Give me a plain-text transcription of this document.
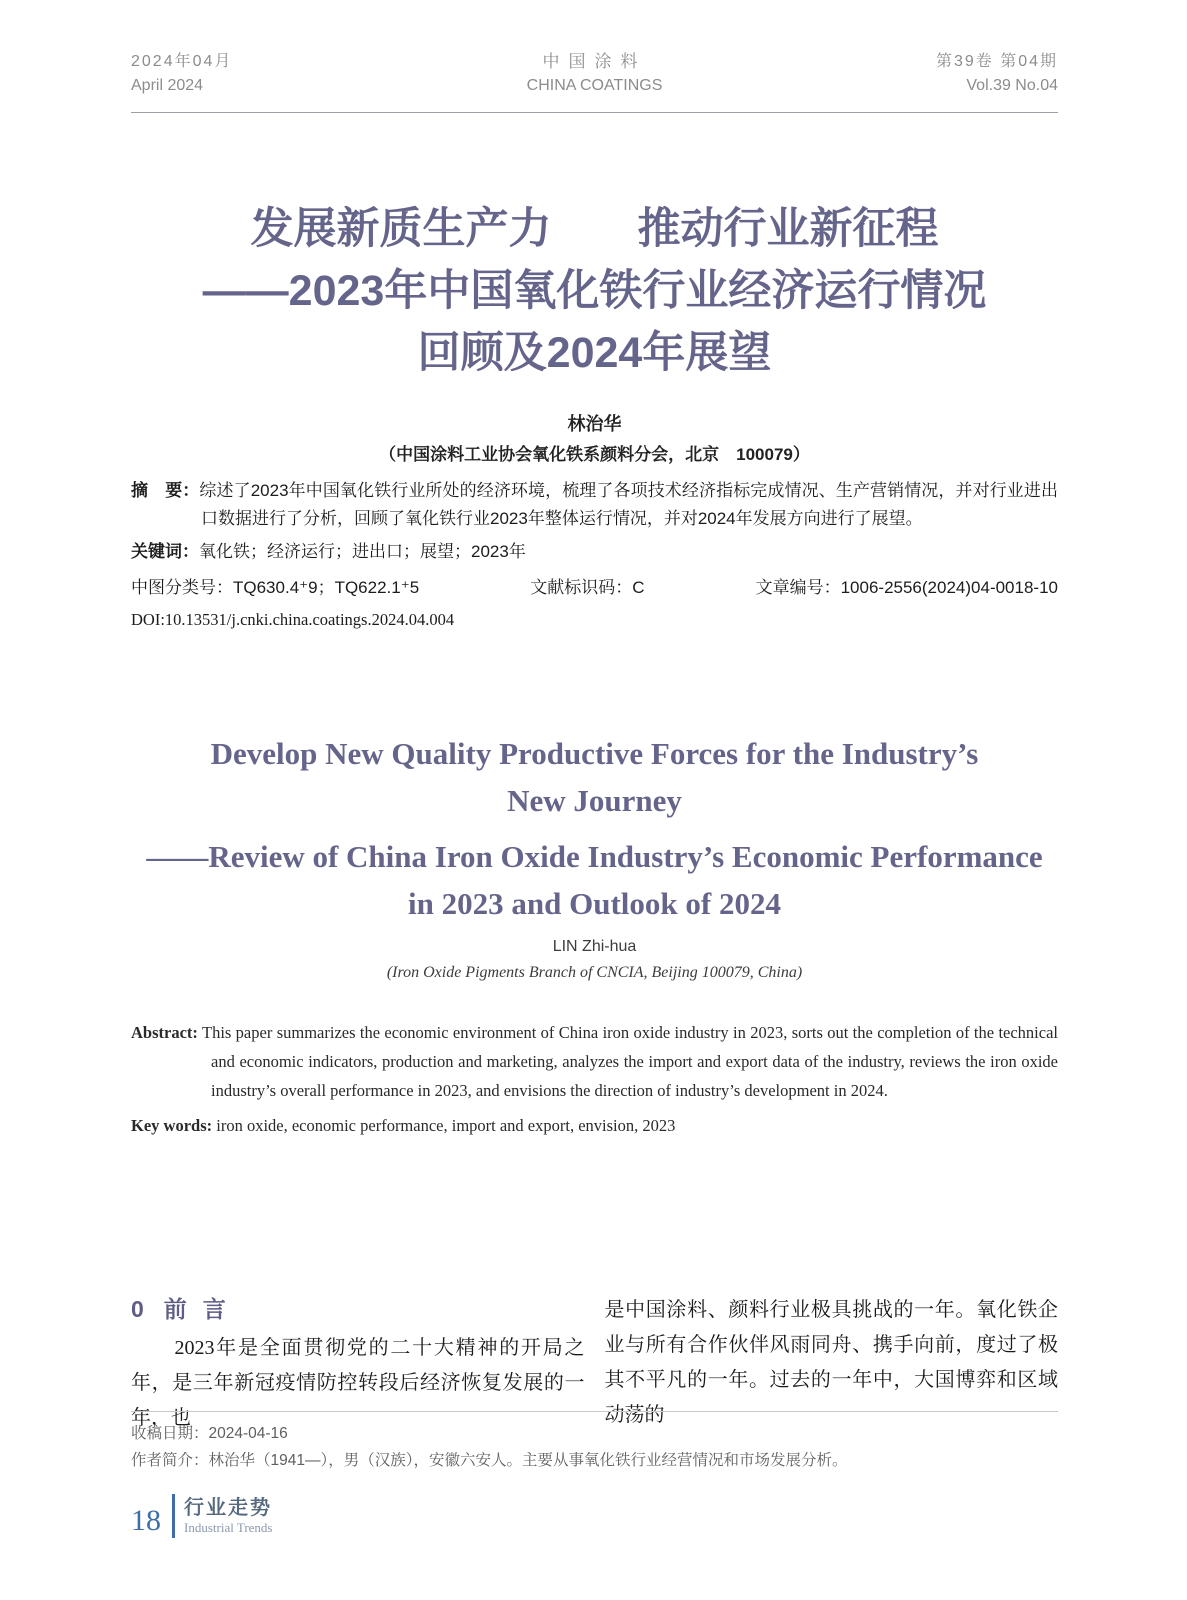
2024年04月
April 2024
中国涂料
CHINA COATINGS
第39卷 第04期
Vol.39 No.04
发展新质生产力　　推动行业新征程
——2023年中国氧化铁行业经济运行情况
回顾及2024年展望
林治华
（中国涂料工业协会氧化铁系颜料分会，北京　100079）

摘　要：综述了2023年中国氧化铁行业所处的经济环境，梳理了各项技术经济指标完成情况、生产营销情况，并对行业进出口数据进行了分析，回顾了氧化铁行业2023年整体运行情况，并对2024年发展方向进行了展望。

关键词：氧化铁；经济运行；进出口；展望；2023年

中图分类号：TQ630.4⁺9；TQ622.1⁺5	文献标识码：C	文章编号：1006-2556(2024)04-0018-10
DOI:10.13531/j.cnki.china.coatings.2024.04.004
Develop New Quality Productive Forces for the Industry’s
New Journey
——Review of China Iron Oxide Industry’s Economic Performance
in 2023 and Outlook of 2024
LIN Zhi-hua
(Iron Oxide Pigments Branch of CNCIA, Beijing 100079, China)

Abstract: This paper summarizes the economic environment of China iron oxide industry in 2023, sorts out the completion of the technical and economic indicators, production and marketing, analyzes the import and export data of the industry, reviews the iron oxide industry’s overall performance in 2023, and envisions the direction of industry’s development in 2024.

Key words: iron oxide, economic performance, import and export, envision, 2023

0 前言

　　2023年是全面贯彻党的二十大精神的开局之年，是三年新冠疫情防控转段后经济恢复发展的一年，也

是中国涂料、颜料行业极具挑战的一年。氧化铁企业与所有合作伙伴风雨同舟、携手向前，度过了极其不平凡的一年。过去的一年中，大国博弈和区域动荡的

收稿日期：2024-04-16
作者简介：林治华（1941—），男（汉族），安徽六安人。主要从事氧化铁行业经营情况和市场发展分析。
18 行业走势
Industrial Trends
